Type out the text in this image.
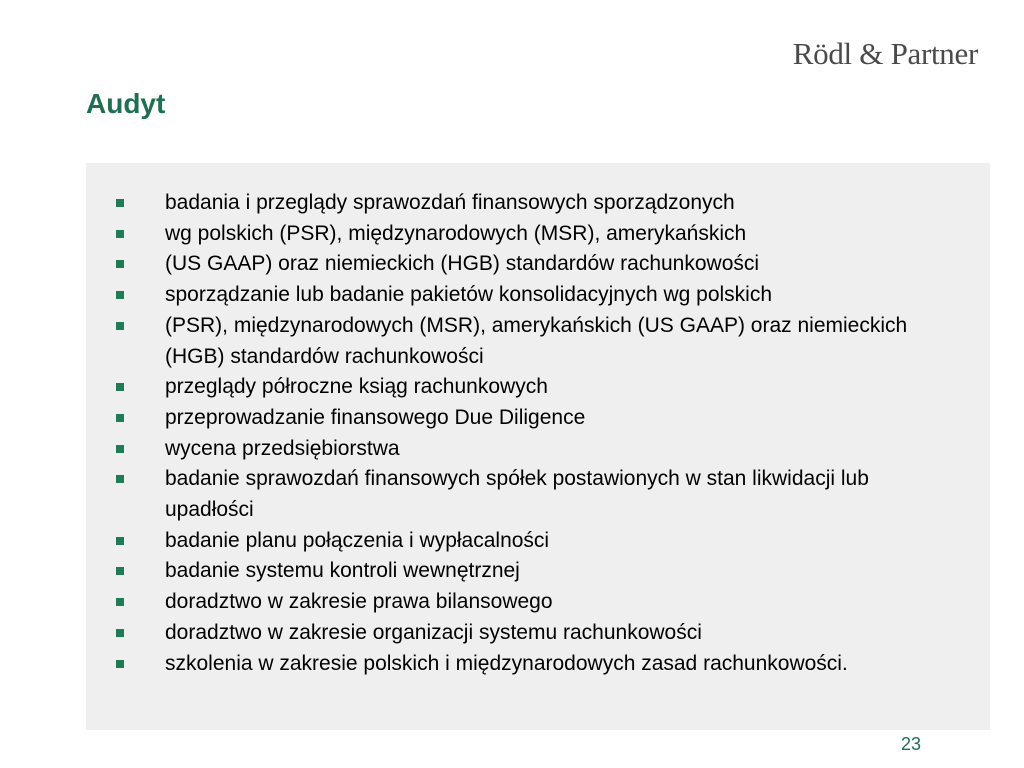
Rödl & Partner
Audyt
badania i przeglądy sprawozdań finansowych sporządzonych
wg polskich (PSR), międzynarodowych (MSR), amerykańskich
(US GAAP) oraz niemieckich (HGB) standardów rachunkowości
sporządzanie lub badanie pakietów konsolidacyjnych wg polskich
(PSR), międzynarodowych (MSR), amerykańskich (US GAAP) oraz niemieckich (HGB) standardów rachunkowości
przeglądy półroczne ksiąg rachunkowych
przeprowadzanie finansowego Due Diligence
wycena przedsiębiorstwa
badanie sprawozdań finansowych spółek postawionych w stan likwidacji lub upadłości
badanie planu połączenia i wypłacalności
badanie systemu kontroli wewnętrznej
doradztwo w zakresie prawa bilansowego
doradztwo w zakresie organizacji systemu rachunkowości
szkolenia w zakresie polskich i międzynarodowych zasad rachunkowości.
23
